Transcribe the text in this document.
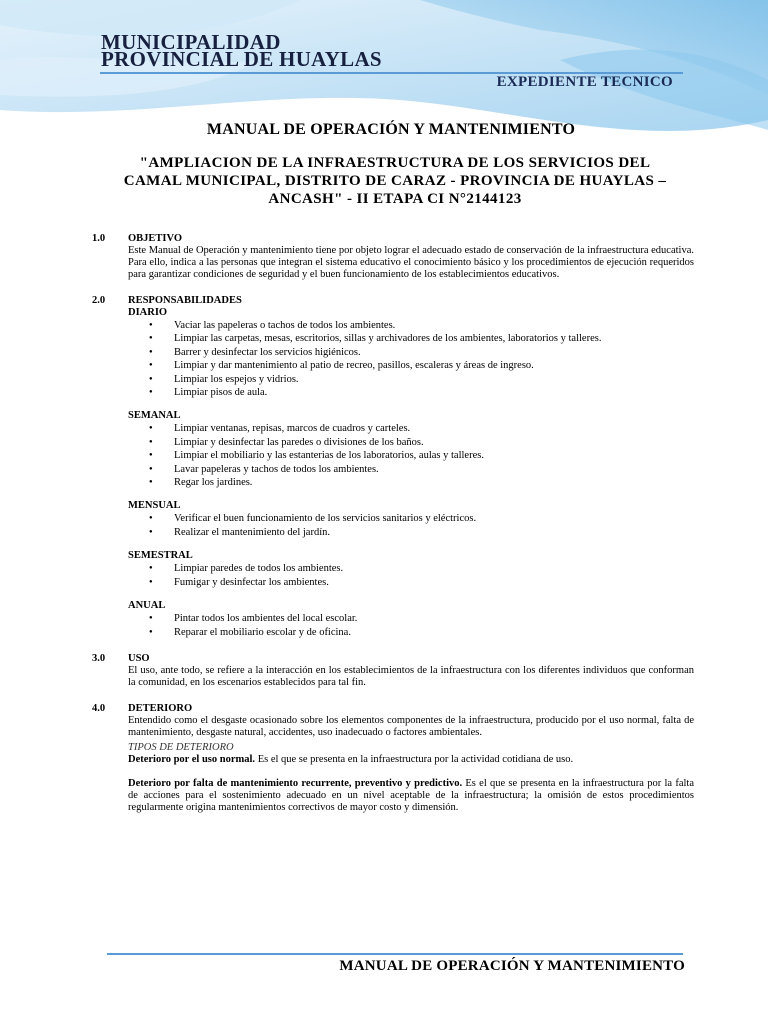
MUNICIPALIDAD
PROVINCIAL DE HUAYLAS
EXPEDIENTE TECNICO
MANUAL DE OPERACIÓN Y MANTENIMIENTO
"AMPLIACION DE LA INFRAESTRUCTURA DE LOS SERVICIOS DEL CAMAL MUNICIPAL, DISTRITO DE CARAZ - PROVINCIA DE HUAYLAS –ANCASH" - II ETAPA CI N°2144123
1.0 OBJETIVO
Este Manual de Operación y mantenimiento tiene por objeto lograr el adecuado estado de conservación de la infraestructura educativa. Para ello, indica a las personas que integran el sistema educativo el conocimiento básico y los procedimientos de ejecución requeridos para garantizar condiciones de seguridad y el buen funcionamiento de los establecimientos educativos.
2.0 RESPONSABILIDADES
DIARIO
● Vaciar las papeleras o tachos de todos los ambientes.
● Limpiar las carpetas, mesas, escritorios, sillas y archivadores de los ambientes, laboratorios y talleres.
● Barrer y desinfectar los servicios higiénicos.
● Limpiar y dar mantenimiento al patio de recreo, pasillos, escaleras y áreas de ingreso.
● Limpiar los espejos y vidrios.
● Limpiar pisos de aula.
SEMANAL
● Limpiar ventanas, repisas, marcos de cuadros y carteles.
● Limpiar y desinfectar las paredes o divisiones de los baños.
● Limpiar el mobiliario y las estanterias de los laboratorios, aulas y talleres.
● Lavar papeleras y tachos de todos los ambientes.
● Regar los jardines.
MENSUAL
● Verificar el buen funcionamiento de los servicios sanitarios y eléctricos.
● Realizar el mantenimiento del jardín.
SEMESTRAL
● Limpiar paredes de todos los ambientes.
● Fumigar y desinfectar los ambientes.
ANUAL
● Pintar todos los ambientes del local escolar.
● Reparar el mobiliario escolar y de oficina.
3.0 USO
El uso, ante todo, se refiere a la interacción en los establecimientos de la infraestructura con los diferentes individuos que conforman la comunidad, en los escenarios establecidos para tal fin.
4.0 DETERIORO
Entendido como el desgaste ocasionado sobre los elementos componentes de la infraestructura, producido por el uso normal, falta de mantenimiento, desgaste natural, accidentes, uso inadecuado o factores ambientales.
TIPOS DE DETERIORO
Deterioro por el uso normal. Es el que se presenta en la infraestructura por la actividad cotidiana de uso.
Deterioro por falta de mantenimiento recurrente, preventivo y predictivo. Es el que se presenta en la infraestructura por la falta de acciones para el sostenimiento adecuado en un nivel aceptable de la infraestructura; la omisión de estos procedimientos regularmente origina mantenimientos correctivos de mayor costo y dimensión.
MANUAL DE OPERACIÓN Y MANTENIMIENTO
